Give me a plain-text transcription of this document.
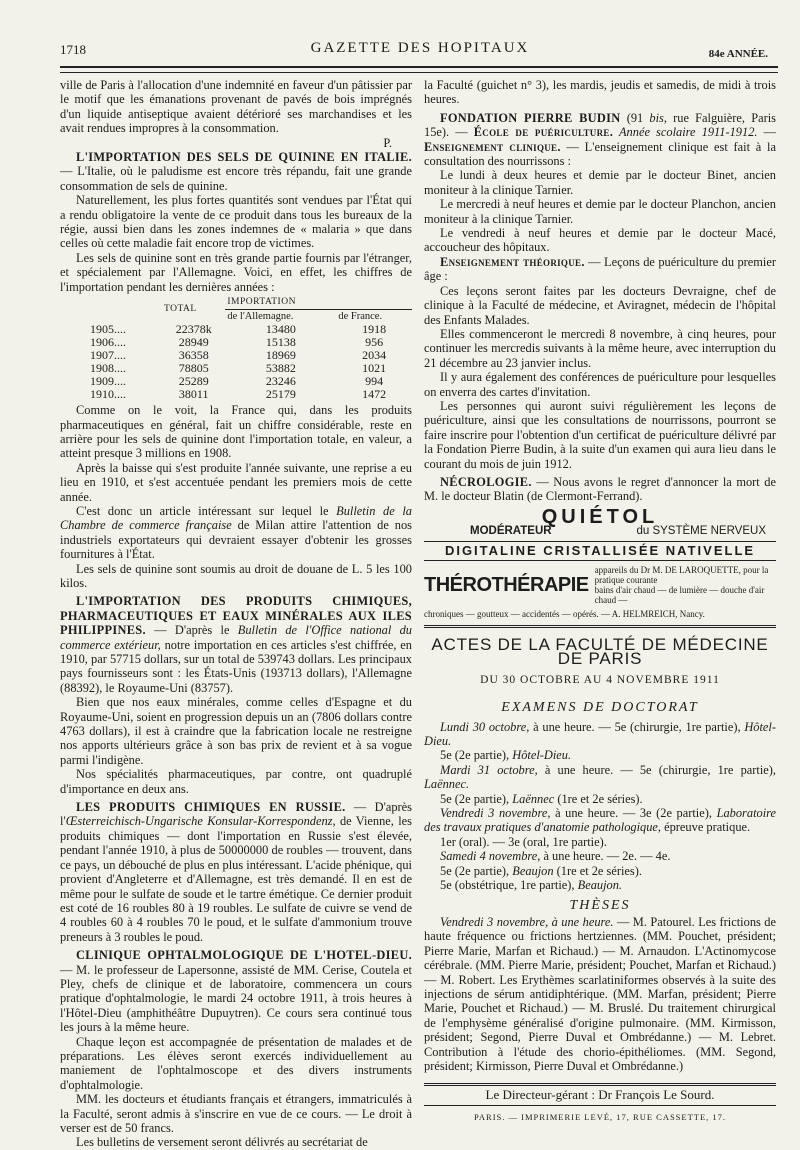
1718	GAZETTE DES HOPITAUX	84e ANNÉE.

ville de Paris à l'allocation d'une indemnité en faveur d'un pâtissier par le motif que les émanations provenant de pavés de bois imprégnés d'un liquide antiseptique avaient détérioré ses marchandises et les avait rendues impropres à la consommation.

P.

L'IMPORTATION DES SELS DE QUININE EN ITALIE. — L'Italie, où le paludisme est encore très répandu, fait une grande consommation de sels de quinine.

Naturellement, les plus fortes quantités sont vendues par l'État qui a rendu obligatoire la vente de ce produit dans tous les bureaux de la régie, aussi bien dans les zones indemnes de « malaria » que dans celles où cette maladie fait encore trop de victimes.

Les sels de quinine sont en très grande partie fournis par l'étranger, et spécialement par l'Allemagne. Voici, en effet, les chiffres de l'importation pendant les dernières années :

	TOTAL	IMPORTATION	
		de l'Allemagne.	de France.
1905....	22378k	13480	1918
1906....	28949	15138	956
1907....	36358	18969	2034
1908....	78805	53882	1021
1909....	25289	23246	994
1910....	38011	25179	1472

Comme on le voit, la France qui, dans les produits pharmaceutiques en général, fait un chiffre considérable, reste en arrière pour les sels de quinine dont l'importation totale, en valeur, a atteint presque 3 millions en 1908.

Après la baisse qui s'est produite l'année suivante, une reprise a eu lieu en 1910, et s'est accentuée pendant les premiers mois de cette année.

C'est donc un article intéressant sur lequel le Bulletin de la Chambre de commerce française de Milan attire l'attention de nos industriels exportateurs qui devraient essayer d'obtenir les grosses fournitures à l'État.

Les sels de quinine sont soumis au droit de douane de L. 5 les 100 kilos.

L'IMPORTATION DES PRODUITS CHIMIQUES, PHARMACEUTIQUES ET EAUX MINÉRALES AUX ILES PHILIPPINES. — D'après le Bulletin de l'Office national du commerce extérieur, notre importation en ces articles s'est chiffrée, en 1910, par 57715 dollars, sur un total de 539743 dollars. Les principaux pays fournisseurs sont : les États-Unis (193713 dollars), l'Allemagne (88392), le Royaume-Uni (83757).

Bien que nos eaux minérales, comme celles d'Espagne et du Royaume-Uni, soient en progression depuis un an (7806 dollars contre 4763 dollars), il est à craindre que la fabrication locale ne restreigne nos apports ultérieurs grâce à son bas prix de revient et à sa vogue parmi l'indigène.

Nos spécialités pharmaceutiques, par contre, ont quadruplé d'importance en deux ans.

LES PRODUITS CHIMIQUES EN RUSSIE. — D'après l'Œsterreichisch-Ungarische Konsular-Korrespondenz, de Vienne, les produits chimiques — dont l'importation en Russie s'est élevée, pendant l'année 1910, à plus de 50000000 de roubles — trouvent, dans ce pays, un débouché de plus en plus intéressant. L'acide phénique, qui provient d'Angleterre et d'Allemagne, est très demandé. Il en est de même pour le sulfate de soude et le tartre émétique. Ce dernier produit est coté de 16 roubles 80 à 19 roubles. Le sulfate de cuivre se vend de 4 roubles 60 à 4 roubles 70 le poud, et le sulfate d'ammonium trouve preneurs à 3 roubles le poud.

CLINIQUE OPHTALMOLOGIQUE DE L'HOTEL-DIEU. — M. le professeur de Lapersonne, assisté de MM. Cerise, Coutela et Pley, chefs de clinique et de laboratoire, commencera un cours pratique d'ophtalmologie, le mardi 24 octobre 1911, à trois heures à l'Hôtel-Dieu (amphithéâtre Dupuytren). Ce cours sera continué tous les jours à la même heure.

Chaque leçon est accompagnée de présentation de malades et de préparations. Les élèves seront exercés individuellement au maniement de l'ophtalmoscope et des divers instruments d'ophtalmologie.

MM. les docteurs et étudiants français et étrangers, immatriculés à la Faculté, seront admis à s'inscrire en vue de ce cours. — Le droit à verser est de 50 francs.

Les bulletins de versement seront délivrés au secrétariat de

la Faculté (guichet n° 3), les mardis, jeudis et samedis, de midi à trois heures.

FONDATION PIERRE BUDIN (91 bis, rue Falguière, Paris 15e). — École de puériculture. Année scolaire 1911-1912. — Enseignement clinique. — L'enseignement clinique est fait à la consultation des nourrissons :

Le lundi à deux heures et demie par le docteur Binet, ancien moniteur à la clinique Tarnier.

Le mercredi à neuf heures et demie par le docteur Planchon, ancien moniteur à la clinique Tarnier.

Le vendredi à neuf heures et demie par le docteur Macé, accoucheur des hôpitaux.

Enseignement théorique. — Leçons de puériculture du premier âge :

Ces leçons seront faites par les docteurs Devraigne, chef de clinique à la Faculté de médecine, et Aviragnet, médecin de l'hôpital des Enfants Malades.

Elles commenceront le mercredi 8 novembre, à cinq heures, pour continuer les mercredis suivants à la même heure, avec interruption du 21 décembre au 23 janvier inclus.

Il y aura également des conférences de puériculture pour lesquelles on enverra des cartes d'invitation.

Les personnes qui auront suivi régulièrement les leçons de puériculture, ainsi que les consultations de nourrissons, pourront se faire inscrire pour l'obtention d'un certificat de puériculture délivré par la Fondation Pierre Budin, à la suite d'un examen qui aura lieu dans le courant du mois de juin 1912.

NÉCROLOGIE. — Nous avons le regret d'annoncer la mort de M. le docteur Blatin (de Clermont-Ferrand).

QUIÉTOL
MODÉRATEUR	du SYSTÈME NERVEUX
DIGITALINE CRISTALLISÉE NATIVELLE
THÉROTHÉRAPIE
appareils du Dr M. DE LAROQUETTE, pour la pratique courante
bains d'air chaud — de lumière — douche d'air chaud —
chroniques — goutteux — accidentés — opérés. — A. HELMREICH, Nancy.
ACTES DE LA FACULTÉ DE MÉDECINE DE PARIS
DU 30 OCTOBRE AU 4 NOVEMBRE 1911
EXAMENS DE DOCTORAT

Lundi 30 octobre, à une heure. — 5e (chirurgie, 1re partie), Hôtel-Dieu.

5e (2e partie), Hôtel-Dieu.

Mardi 31 octobre, à une heure. — 5e (chirurgie, 1re partie), Laënnec.

5e (2e partie), Laënnec (1re et 2e séries).

Vendredi 3 novembre, à une heure. — 3e (2e partie), Laboratoire des travaux pratiques d'anatomie pathologique, épreuve pratique.

1er (oral). — 3e (oral, 1re partie).

Samedi 4 novembre, à une heure. — 2e. — 4e.

5e (2e partie), Beaujon (1re et 2e séries).

5e (obstétrique, 1re partie), Beaujon.

THÈSES

Vendredi 3 novembre, à une heure. — M. Patourel. Les frictions de haute fréquence ou frictions hertziennes. (MM. Pouchet, président; Pierre Marie, Marfan et Richaud.) — M. Arnaudon. L'Actinomycose cérébrale. (MM. Pierre Marie, président; Pouchet, Marfan et Richaud.) — M. Robert. Les Erythèmes scarlatiniformes observés à la suite des injections de sérum antidiphtérique. (MM. Marfan, président; Pierre Marie, Pouchet et Richaud.) — M. Bruslé. Du traitement chirurgical de l'emphysème généralisé d'origine pulmonaire. (MM. Kirmisson, président; Segond, Pierre Duval et Ombrédanne.) — M. Lebret. Contribution à l'étude des chorio-épithéliomes. (MM. Segond, président; Kirmisson, Pierre Duval et Ombrédanne.)

Le Directeur-gérant : Dr François Le Sourd.
PARIS. — IMPRIMERIE LEVÉ, 17, RUE CASSETTE, 17.
